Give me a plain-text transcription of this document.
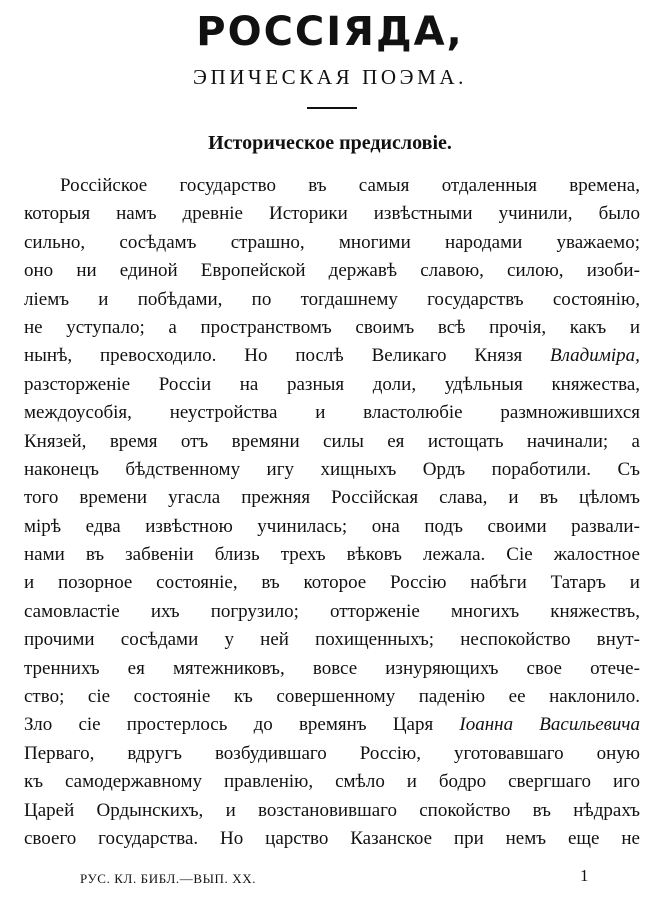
РОССІЯДА,
ЭПИЧЕСКАЯ ПОЭМА.
Историческое предисловіе.
Россійское государство въ самыя отдаленныя времена,
которыя намъ древніе Историки извѣстными учинили, было
сильно, сосѣдамъ страшно, многими народами уважаемо;
оно ни единой Европейской державѣ славою, силою, изоби-
ліемъ и побѣдами, по тогдашнему государствъ состоянію,
не уступало; а пространствомъ своимъ всѣ прочія, какъ и
нынѣ, превосходило. Но послѣ Великаго Князя Владиміра,
разсторженіе Россіи на разныя доли, удѣльныя княжества,
междоусобія, неустройства и властолюбіе размножившихся
Князей, время отъ времяни силы ея истощать начинали; а
наконецъ бѣдственному игу хищныхъ Ордъ поработили. Съ
того времени угасла прежняя Россійская слава, и въ цѣломъ
мірѣ едва извѣстною учинилась; она подъ своими развали-
нами въ забвеніи близь трехъ вѣковъ лежала. Сіе жалостное
и позорное состояніе, въ которое Россію набѣги Татаръ и
самовластіе ихъ погрузило; отторженіе многихъ княжествъ,
прочими сосѣдами у ней похищенныхъ; неспокойство внут-
треннихъ ея мятежниковъ, вовсе изнуряющихъ свое отече-
ство; сіе состояніе къ совершенному паденію ее наклонило.
Зло сіе простерлось до времянъ Царя Іоанна Васильевича
Перваго, вдругъ возбудившаго Россію, уготовавшаго оную
къ самодержавному правленію, смѣло и бодро свергшаго иго
Царей Ордынскихъ, и возстановившаго спокойство въ нѣдрахъ
своего государства. Но царство Казанское при немъ еще не
РУС. КЛ. БИБЛ.—ВЫП. XX.	1
